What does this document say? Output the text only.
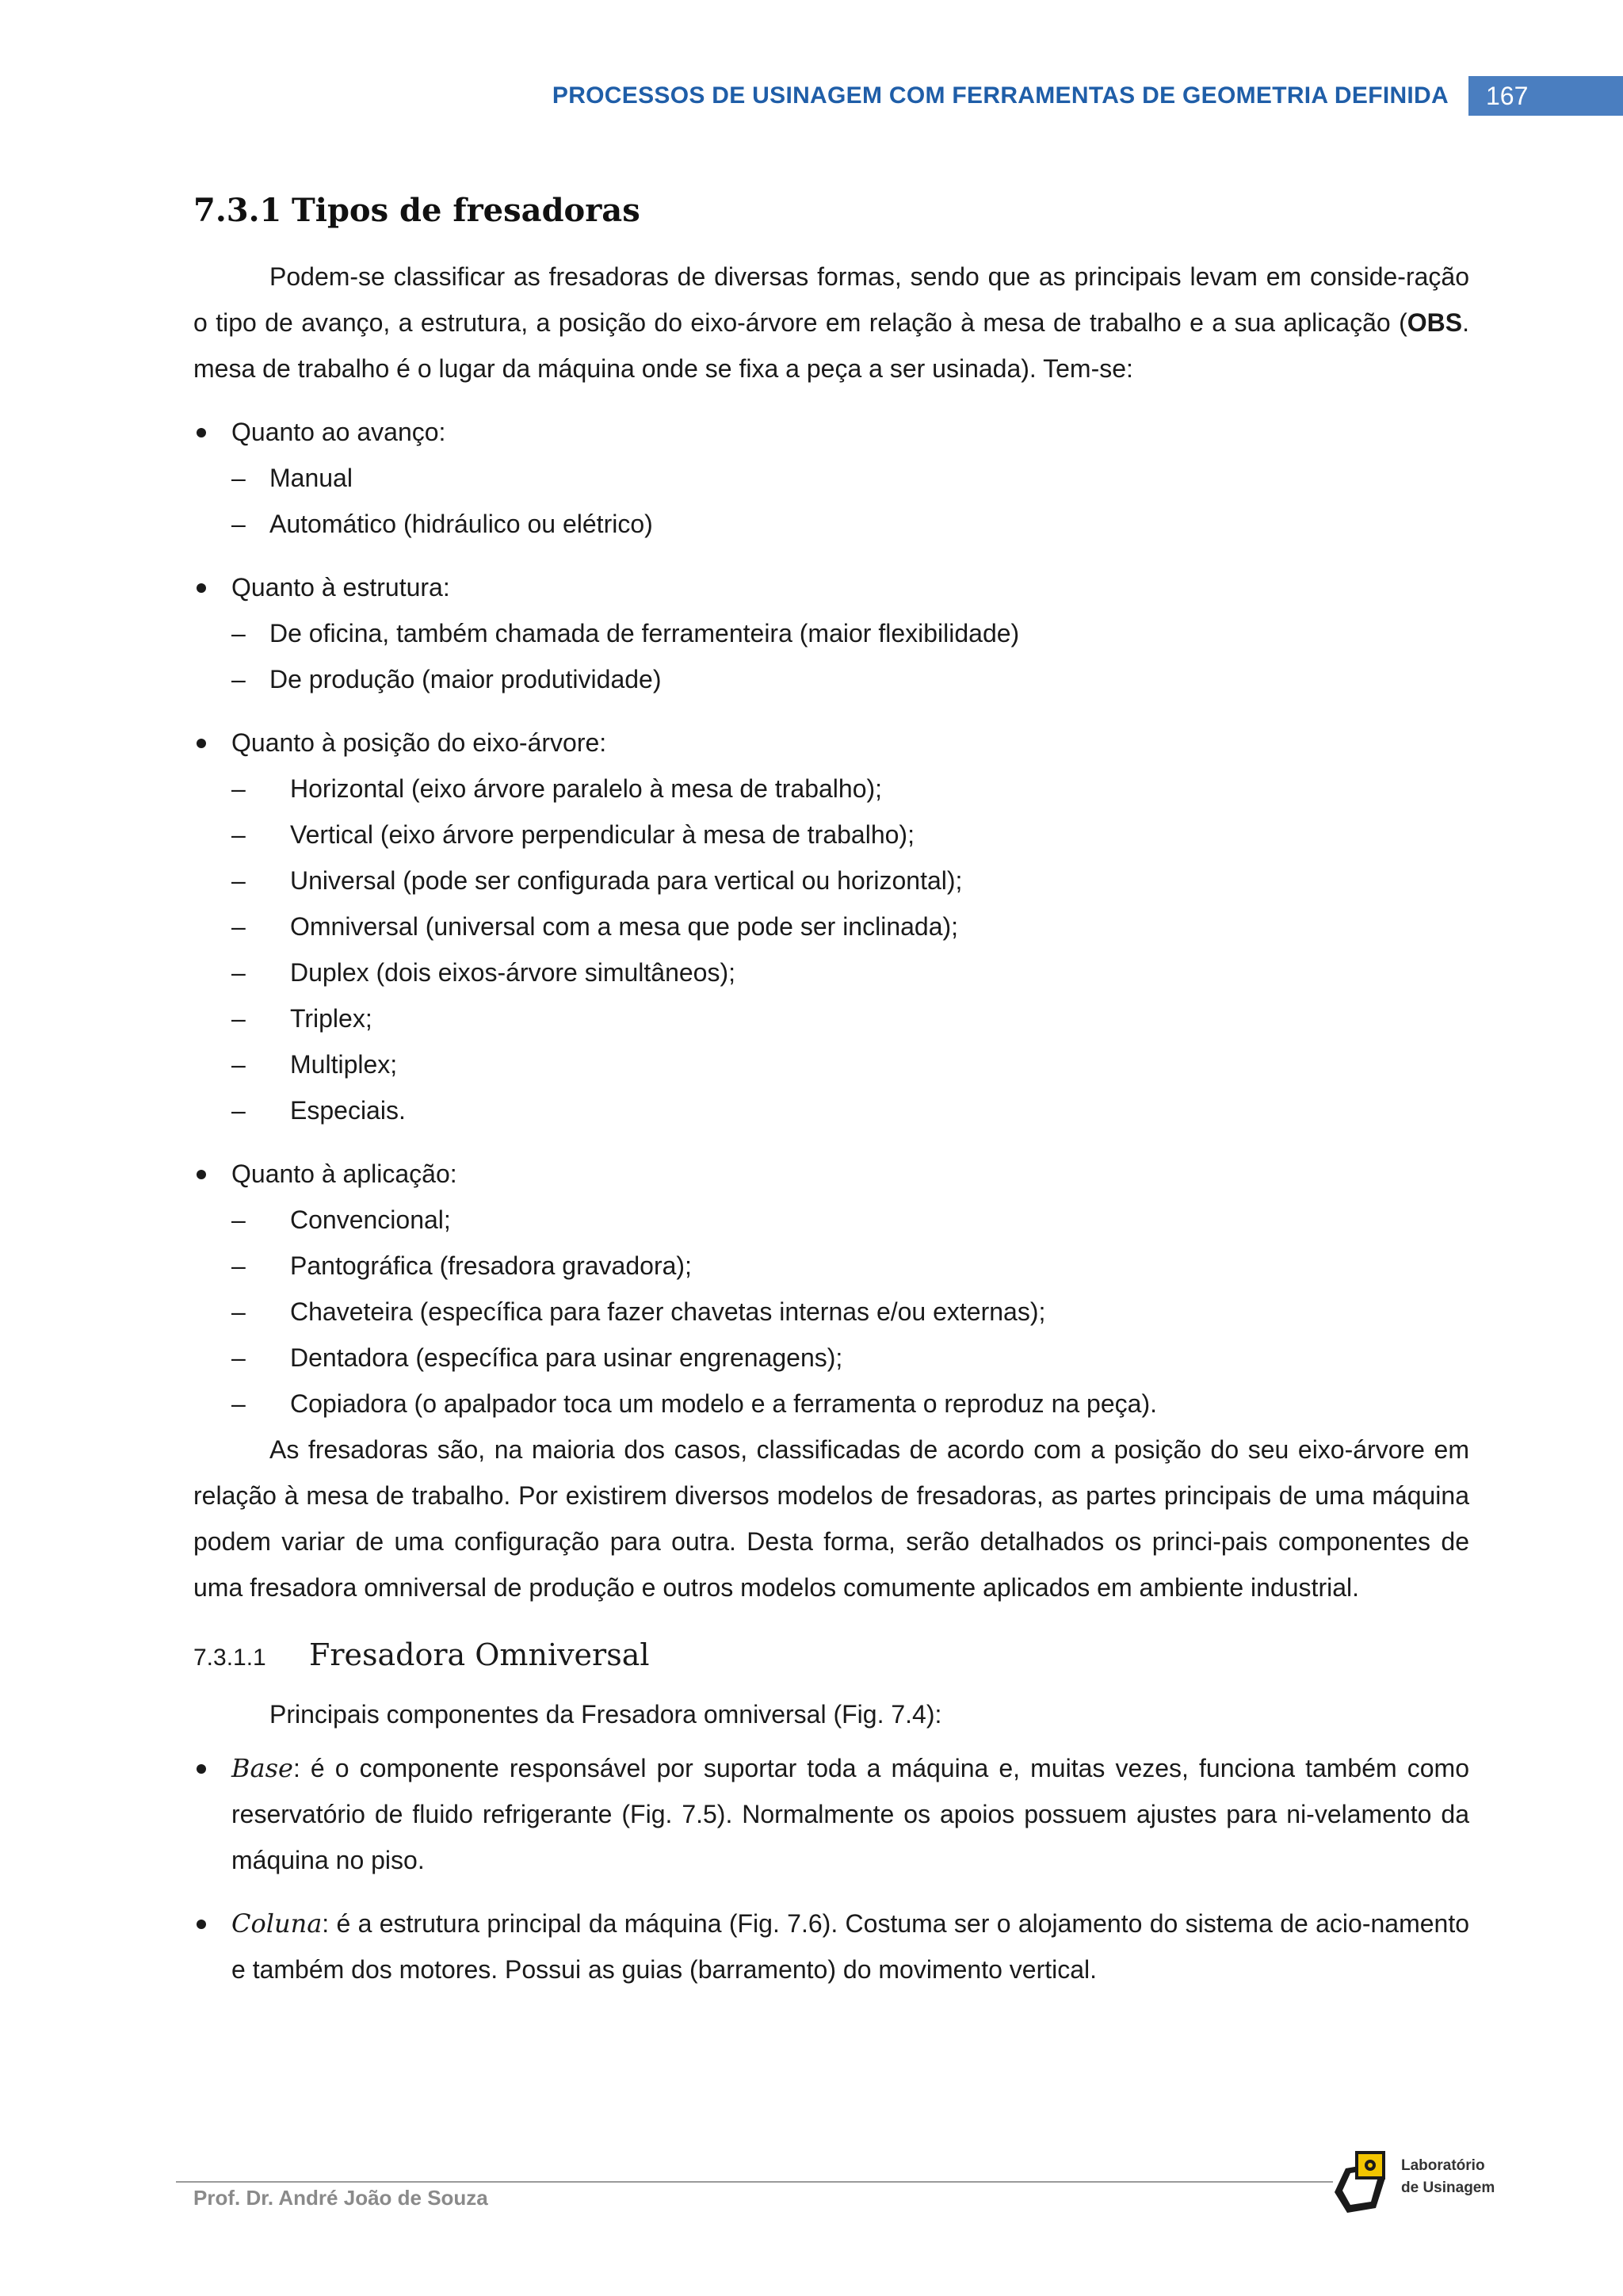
PROCESSOS DE USINAGEM COM FERRAMENTAS DE GEOMETRIA DEFINIDA	167
7.3.1 Tipos de fresadoras

Podem-se classificar as fresadoras de diversas formas, sendo que as principais levam em conside-ração o tipo de avanço, a estrutura, a posição do eixo-árvore em relação à mesa de trabalho e a sua aplicação (OBS. mesa de trabalho é o lugar da máquina onde se fixa a peça a ser usinada). Tem-se:

Quanto ao avanço:
– Manual
– Automático (hidráulico ou elétrico)
Quanto à estrutura:
– De oficina, também chamada de ferramenteira (maior flexibilidade)
– De produção (maior produtividade)
Quanto à posição do eixo-árvore:
– Horizontal (eixo árvore paralelo à mesa de trabalho);
– Vertical (eixo árvore perpendicular à mesa de trabalho);
– Universal (pode ser configurada para vertical ou horizontal);
– Omniversal (universal com a mesa que pode ser inclinada);
– Duplex (dois eixos-árvore simultâneos);
– Triplex;
– Multiplex;
– Especiais.
Quanto à aplicação:
– Convencional;
– Pantográfica (fresadora gravadora);
– Chaveteira (específica para fazer chavetas internas e/ou externas);
– Dentadora (específica para usinar engrenagens);
– Copiadora (o apalpador toca um modelo e a ferramenta o reproduz na peça).

As fresadoras são, na maioria dos casos, classificadas de acordo com a posição do seu eixo-árvore em relação à mesa de trabalho. Por existirem diversos modelos de fresadoras, as partes principais de uma máquina podem variar de uma configuração para outra. Desta forma, serão detalhados os princi-pais componentes de uma fresadora omniversal de produção e outros modelos comumente aplicados em ambiente industrial.

7.3.1.1 Fresadora Omniversal

Principais componentes da Fresadora omniversal (Fig. 7.4):

Base: é o componente responsável por suportar toda a máquina e, muitas vezes, funciona também como reservatório de fluido refrigerante (Fig. 7.5). Normalmente os apoios possuem ajustes para ni-velamento da máquina no piso.
Coluna: é a estrutura principal da máquina (Fig. 7.6). Costuma ser o alojamento do sistema de acio-namento e também dos motores. Possui as guias (barramento) do movimento vertical.
Prof. Dr. André João de Souza
Laboratório
de Usinagem
